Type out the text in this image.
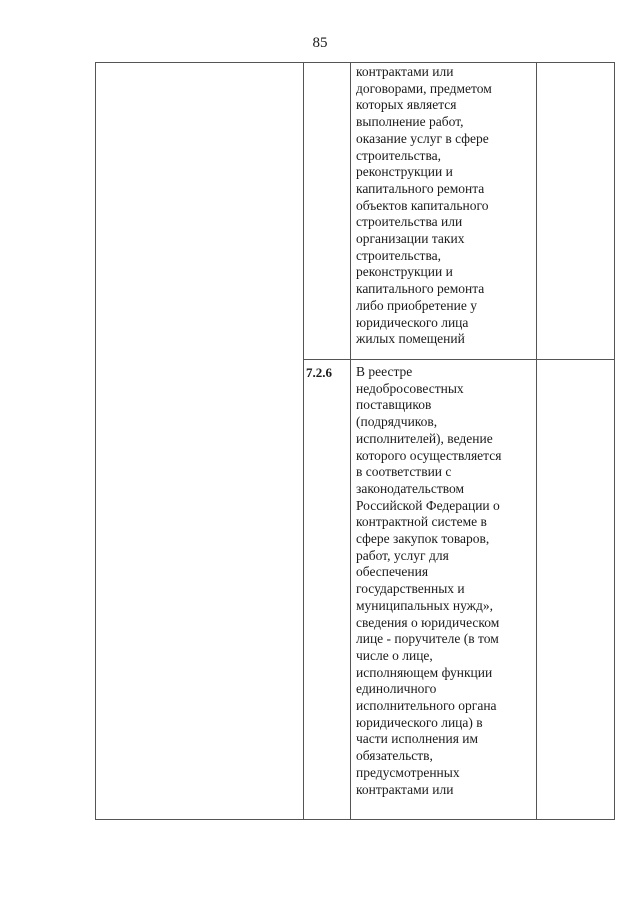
85
контрактами или
договорами, предметом
которых является
выполнение работ,
оказание услуг в сфере
строительства,
реконструкции и
капитального ремонта
объектов капитального
строительства или
организации таких
строительства,
реконструкции и
капитального ремонта
либо приобретение у
юридического лица
жилых помещений
7.2.6 В реестре
недобросовестных
поставщиков
(подрядчиков,
исполнителей), ведение
которого осуществляется
в соответствии с
законодательством
Российской Федерации о
контрактной системе в
сфере закупок товаров,
работ, услуг для
обеспечения
государственных и
муниципальных нужд»,
сведения о юридическом
лице - поручителе (в том
числе о лице,
исполняющем функции
единоличного
исполнительного органа
юридического лица) в
части исполнения им
обязательств,
предусмотренных
контрактами или
